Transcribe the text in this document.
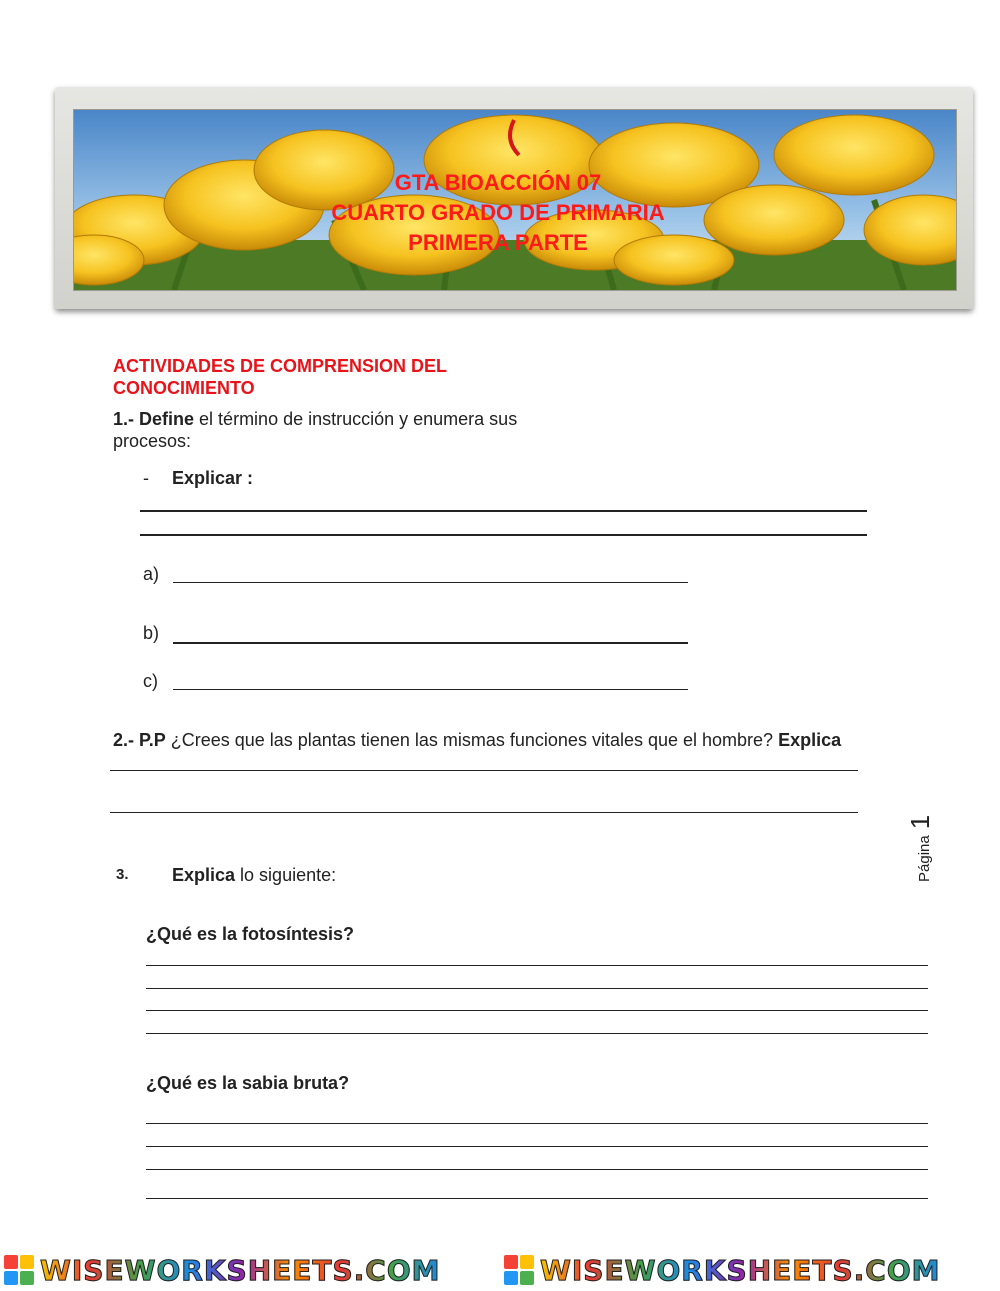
GTA BIOACCIÓN 07
CUARTO GRADO DE PRIMARIA
PRIMERA PARTE
ACTIVIDADES DE COMPRENSION DEL CONOCIMIENTO
1.- Define el término de instrucción y enumera sus procesos:
- Explicar :
a)
b)
c)
2.- P.P ¿Crees que las plantas tienen las mismas funciones vitales que el hombre? Explica
Página1
3. Explica lo siguiente:
¿Qué es la fotosíntesis?
¿Qué es la sabia bruta?
WISEWORKSHEETS.COM	WISEWORKSHEETS.COM
